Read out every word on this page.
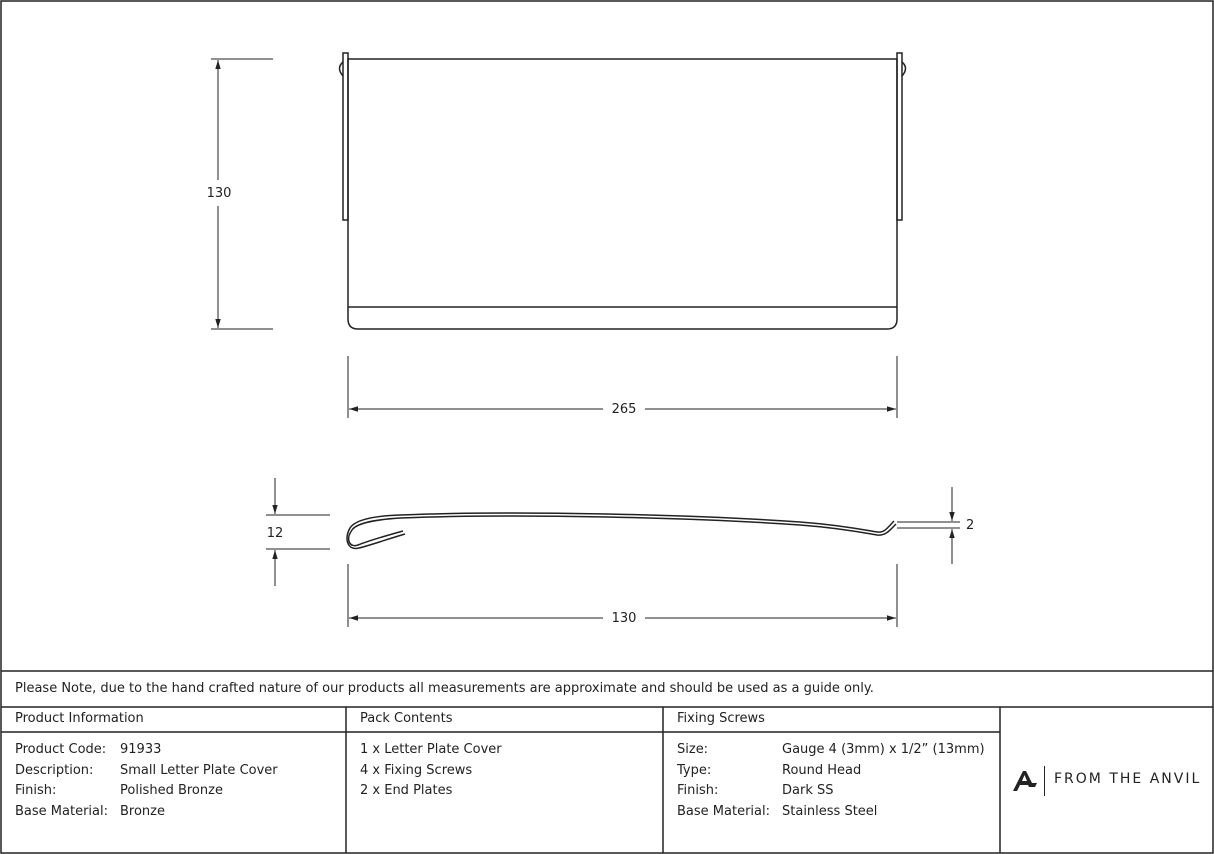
130
265
12
2
130
Please Note, due to the hand crafted nature of our products all measurements are approximate and should be used as a guide only.
Product Information
Product Code: 91933
Description: Small Letter Plate Cover
Finish:	Polished Bronze
Base Material: Bronze
Pack Contents
1 x Letter Plate Cover
4 x Fixing Screws
2 x End Plates
Fixing Screws
Size:	Gauge 4 (3mm) x 1/2” (13mm)
Type:	Round Head
Finish:	Dark SS
Base Material: Stainless Steel
FROM THE ANVIL
